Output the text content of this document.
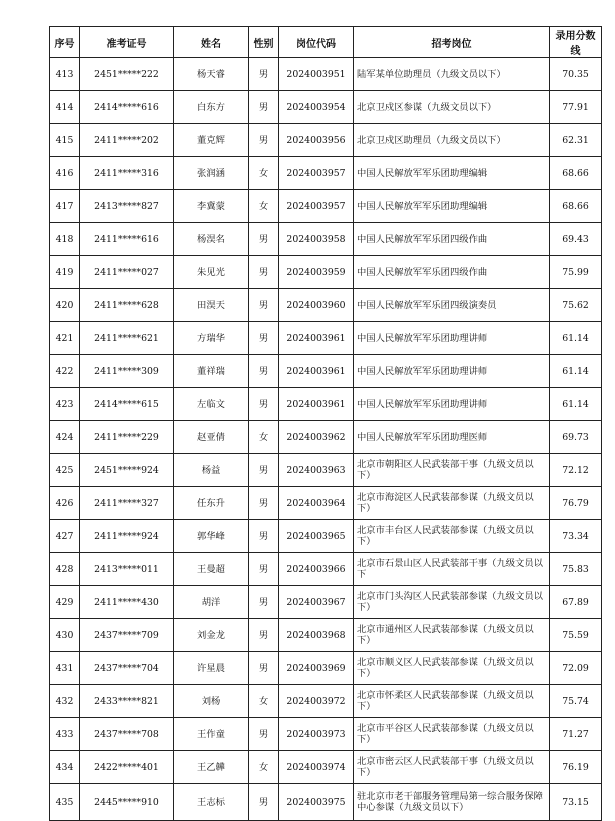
序号	准考证号	姓名	性别	岗位代码	招考岗位	录用分数线
413	2451*****222	杨天睿	男	2024003951	陆军某单位助理员（九级文员以下）	70.35
414	2414*****616	白东方	男	2024003954	北京卫戍区参谋（九级文员以下）	77.91
415	2411*****202	董克辉	男	2024003956	北京卫戍区助理员（九级文员以下）	62.31
416	2411*****316	张润涵	女	2024003957	中国人民解放军军乐团助理编辑	68.66
417	2413*****827	李冀蒙	女	2024003957	中国人民解放军军乐团助理编辑	68.66
418	2411*****616	杨淏名	男	2024003958	中国人民解放军军乐团四级作曲	69.43
419	2411*****027	朱见光	男	2024003959	中国人民解放军军乐团四级作曲	75.99
420	2411*****628	田淏天	男	2024003960	中国人民解放军军乐团四级演奏员	75.62
421	2411*****621	方瑞华	男	2024003961	中国人民解放军军乐团助理讲师	61.14
422	2411*****309	董祥瑞	男	2024003961	中国人民解放军军乐团助理讲师	61.14
423	2414*****615	左临文	男	2024003961	中国人民解放军军乐团助理讲师	61.14
424	2411*****229	赵亚倩	女	2024003962	中国人民解放军军乐团助理医师	69.73
425	2451*****924	杨益	男	2024003963	北京市朝阳区人民武装部干事（九级文员以下）	72.12
426	2411*****327	任东升	男	2024003964	北京市海淀区人民武装部参谋（九级文员以下）	76.79
427	2411*****924	郭华峰	男	2024003965	北京市丰台区人民武装部参谋（九级文员以下）	73.34
428	2413*****011	王曼超	男	2024003966	北京市石景山区人民武装部干事（九级文员以下	75.83
429	2411*****430	胡洋	男	2024003967	北京市门头沟区人民武装部参谋（九级文员以下）	67.89
430	2437*****709	刘金龙	男	2024003968	北京市通州区人民武装部参谋（九级文员以下）	75.59
431	2437*****704	许星晨	男	2024003969	北京市顺义区人民武装部参谋（九级文员以下）	72.09
432	2433*****821	刘杨	女	2024003972	北京市怀柔区人民武装部参谋（九级文员以下）	75.74
433	2437*****708	王作童	男	2024003973	北京市平谷区人民武装部参谋（九级文员以下）	71.27
434	2422*****401	王乙韡	女	2024003974	北京市密云区人民武装部干事（九级文员以下）	76.19
435	2445*****910	王志标	男	2024003975	驻北京市老干部服务管理局第一综合服务保障中心参谋（九级文员以下）	73.15
